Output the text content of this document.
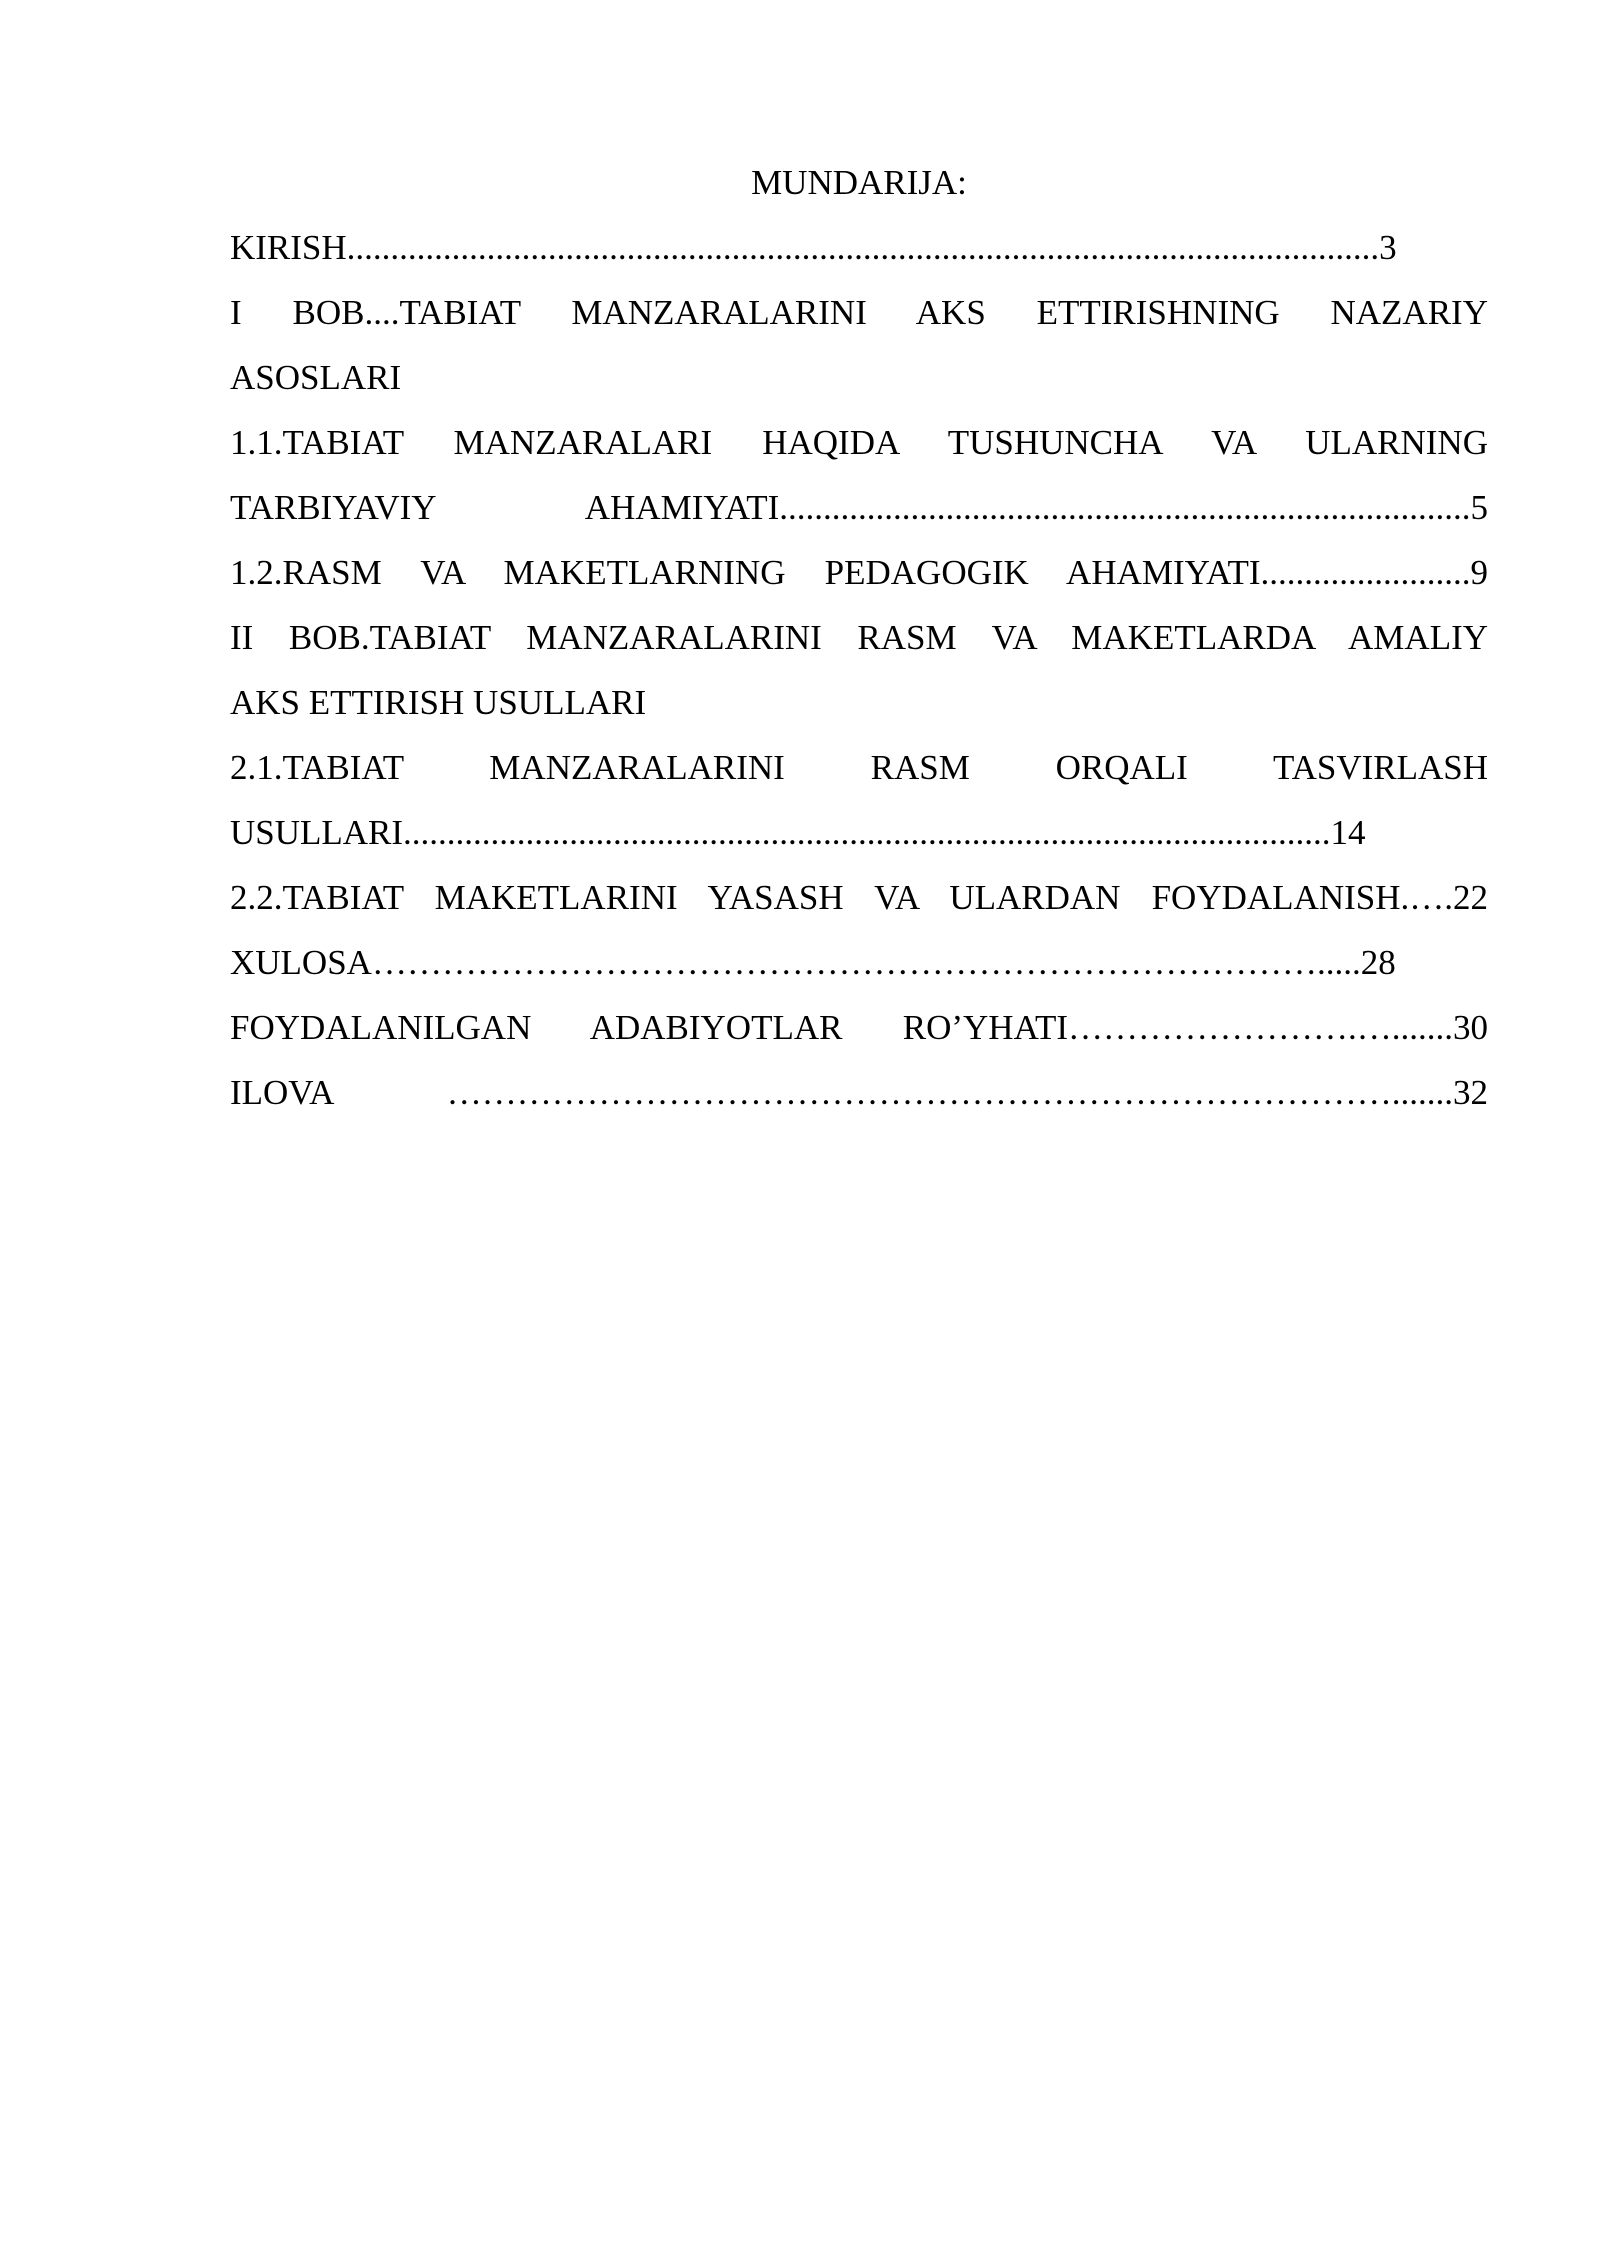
MUNDARIJA:
KIRISH......................................................................................................................3
I BOB....TABIAT MANZARALARINI AKS ETTIRISHNING NAZARIY
ASOSLARI
1.1.TABIAT MANZARALARI HAQIDA TUSHUNCHA VA ULARNING
TARBIYAVIY AHAMIYATI...............................................................................5
1.2.RASM VA MAKETLARNING PEDAGOGIK AHAMIYATI........................9
II BOB.TABIAT MANZARALARINI RASM VA MAKETLARDA AMALIY
AKS ETTIRISH USULLARI
2.1.TABIAT MANZARALARINI RASM ORQALI TASVIRLASH
USULLARI..........................................................................................................14
2.2.TABIAT MAKETLARINI YASASH VA ULARDAN FOYDALANISH.….22
XULOSA……………………………………………………………………….....28
FOYDALANILGAN ADABIYOTLAR RO’YHATI…………………….….......30
ILOVA ……………………………………………………………………….......32
